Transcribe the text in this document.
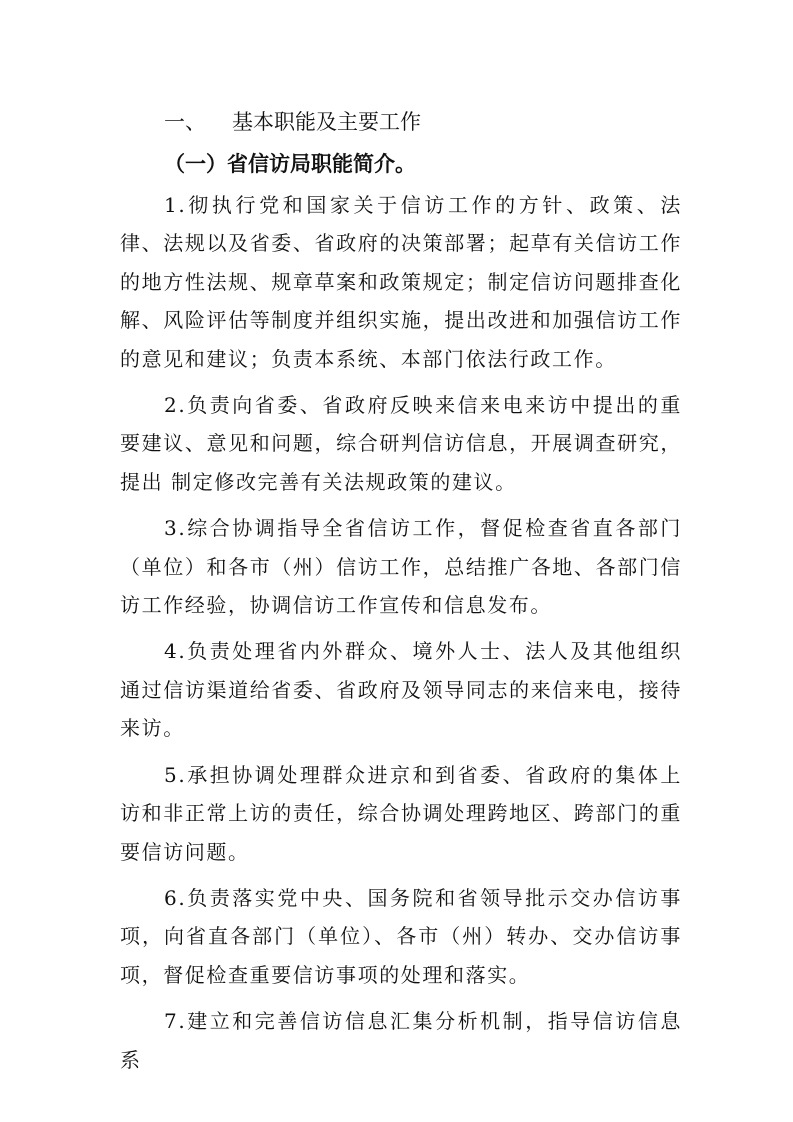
一、 基本职能及主要工作
（一）省信访局职能简介。

1.彻执行党和国家关于信访工作的方针、政策、法律、法规以及省委、省政府的决策部署；起草有关信访工作的地方性法规、规章草案和政策规定；制定信访问题排查化解、风险评估等制度并组织实施，提出改进和加强信访工作的意见和建议；负责本系统、本部门依法行政工作。

2.负责向省委、省政府反映来信来电来访中提出的重要建议、意见和问题，综合研判信访信息，开展调查研究，提出 制定修改完善有关法规政策的建议。

3.综合协调指导全省信访工作，督促检查省直各部门（单位）和各市（州）信访工作，总结推广各地、各部门信访工作经验，协调信访工作宣传和信息发布。

4.负责处理省内外群众、境外人士、法人及其他组织通过信访渠道给省委、省政府及领导同志的来信来电，接待来访。

5.承担协调处理群众进京和到省委、省政府的集体上访和非正常上访的责任，综合协调处理跨地区、跨部门的重要信访问题。

6.负责落实党中央、国务院和省领导批示交办信访事项，向省直各部门（单位）、各市（州）转办、交办信访事项，督促检查重要信访事项的处理和落实。

7.建立和完善信访信息汇集分析机制，指导信访信息系
